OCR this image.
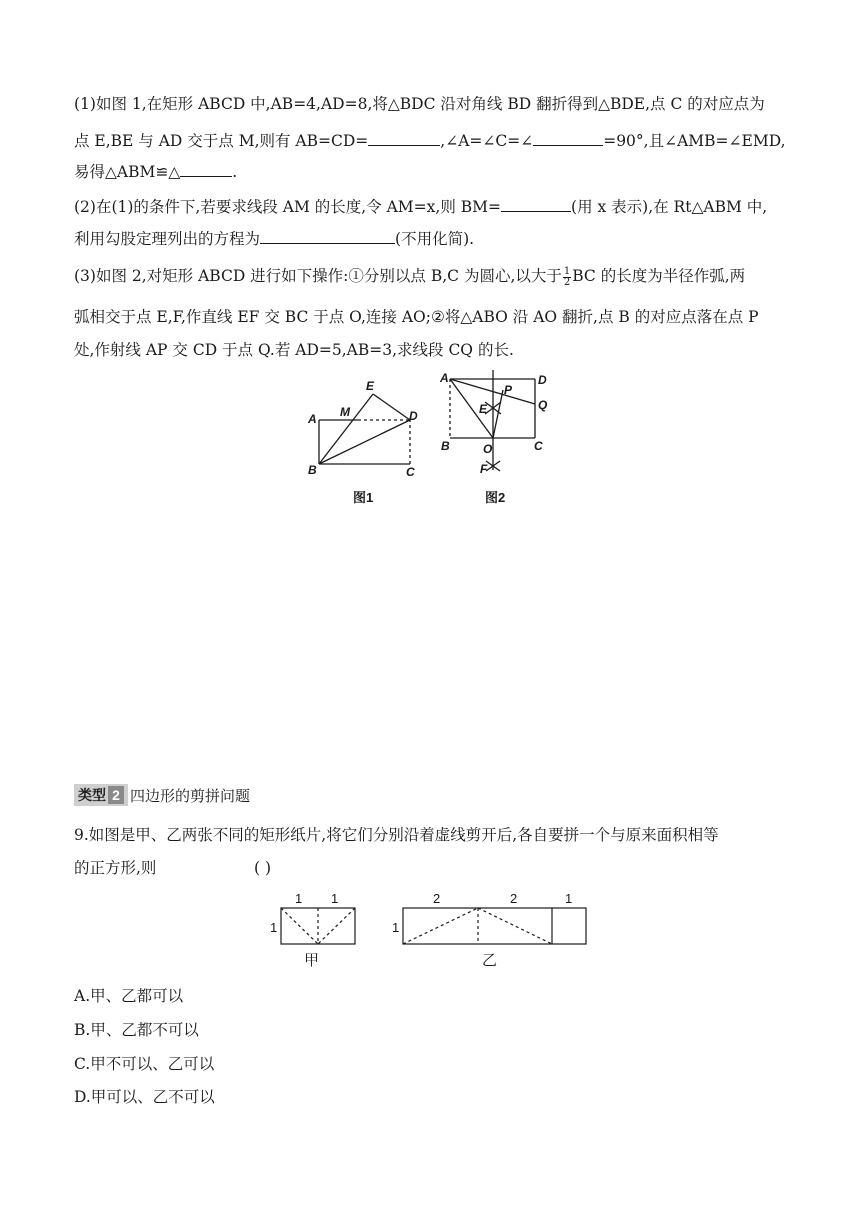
(1)如图 1,在矩形 ABCD 中,AB=4,AD=8,将△BDC 沿对角线 BD 翻折得到△BDE,点 C 的对应点为
点 E,BE 与 AD 交于点 M,则有 AB=CD=	,∠A=∠C=∠	=90°,且∠AMB=∠EMD,
易得△ABM≌△	.
(2)在(1)的条件下,若要求线段 AM 的长度,令 AM=x,则 BM=	(用 x 表示),在 Rt△ABM 中,
利用勾股定理列出的方程为	(不用化简).
(3)如图 2,对矩形 ABCD 进行如下操作:①分别以点 B,C 为圆心,以大于 $\frac{1}{2}$ BC 的长度为半径作弧,两
弧相交于点 E,F,作直线 EF 交 BC 于点 O,连接 AO;②将△ABO 沿 AO 翻折,点 B 的对应点落在点 P
处,作射线 AP 交 CD 于点 Q.若 AD=5,AB=3,求线段 CQ 的长.
A
B	C
D
E
M
图1
A	D
Q
B	C
O
E
P
F
图2
类型 2 四边形的剪拼问题
9.如图是甲、乙两张不同的矩形纸片,将它们分别沿着虚线剪开后,各自要拼一个与原来面积相等
的正方形,则	( )
1 1
1
甲
2	2	1
1
乙
A.甲、乙都可以
B.甲、乙都不可以
C.甲不可以、乙可以
D.甲可以、乙不可以
